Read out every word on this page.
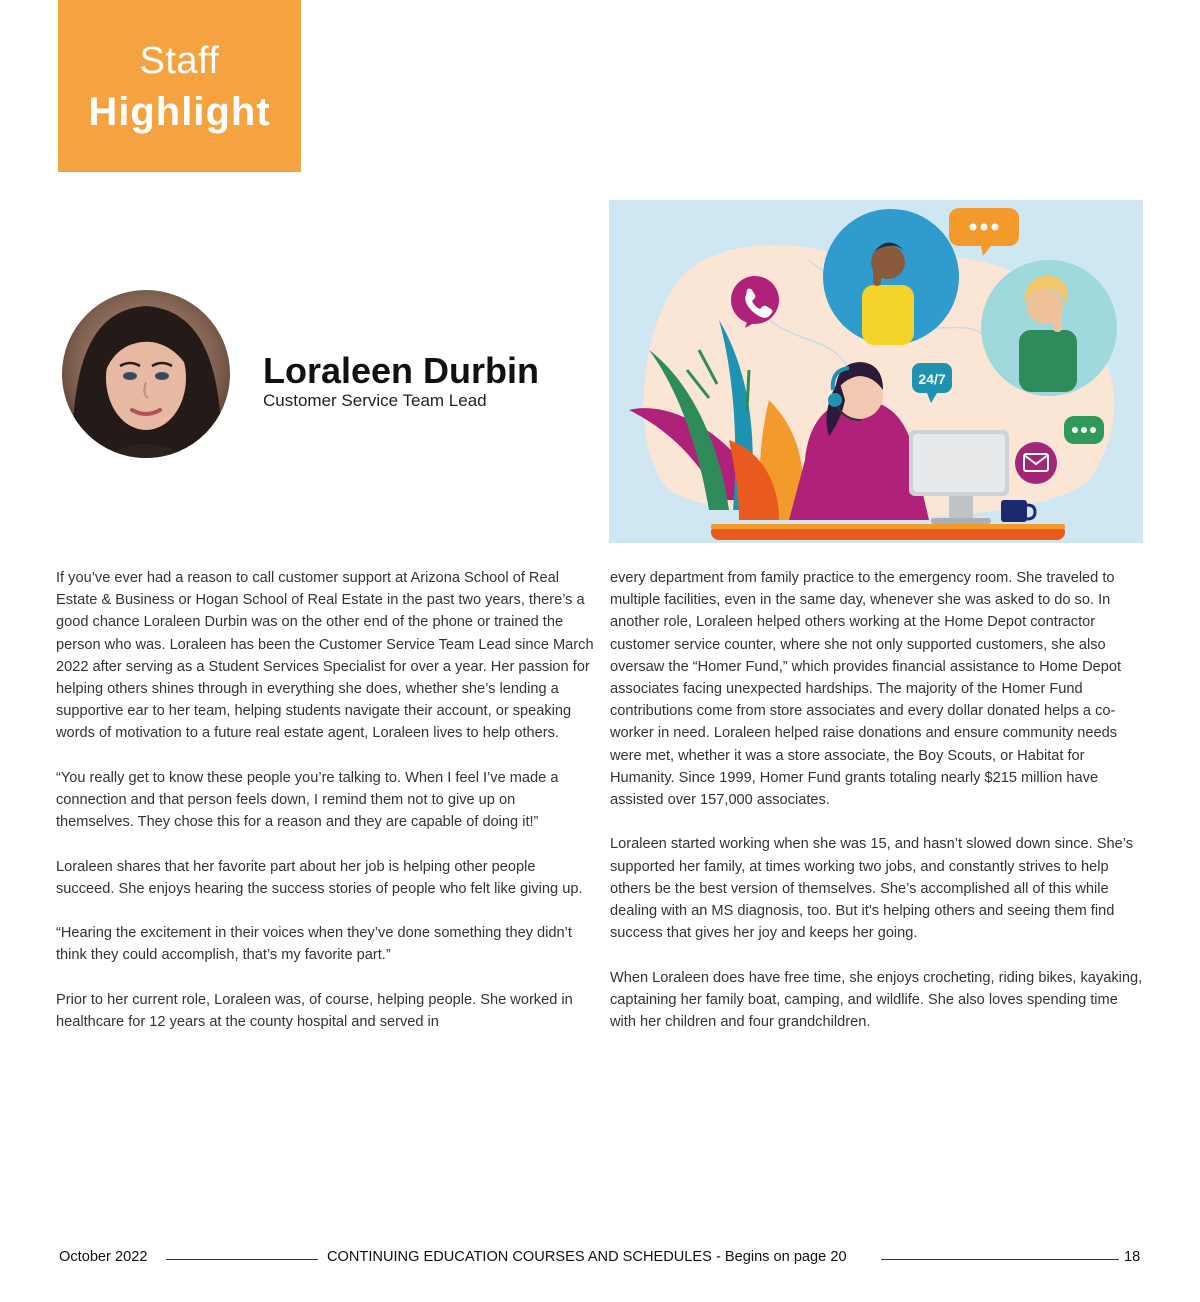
Staff
Highlight
Loraleen Durbin
Customer Service Team Lead
24/7

If you’ve ever had a reason to call customer support at Arizona School of Real Estate & Business or Hogan School of Real Estate in the past two years, there’s a good chance Loraleen Durbin was on the other end of the phone or trained the person who was. Loraleen has been the Customer Service Team Lead since March 2022 after serving as a Student Services Specialist for over a year. Her passion for helping others shines through in everything she does, whether she’s lending a supportive ear to her team, helping students navigate their account, or speaking words of motivation to a future real estate agent, Loraleen lives to help others.

“You really get to know these people you’re talking to. When I feel I’ve made a connection and that person feels down, I remind them not to give up on themselves. They chose this for a reason and they are capable of doing it!”

Loraleen shares that her favorite part about her job is helping other people succeed. She enjoys hearing the success stories of people who felt like giving up.

“Hearing the excitement in their voices when they’ve done something they didn’t think they could accomplish, that’s my favorite part.”

Prior to her current role, Loraleen was, of course, helping people. She worked in healthcare for 12 years at the county hospital and served in

every department from family practice to the emergency room. She traveled to multiple facilities, even in the same day, whenever she was asked to do so. In another role, Loraleen helped others working at the Home Depot contractor customer service counter, where she not only supported customers, she also oversaw the “Homer Fund,” which provides financial assistance to Home Depot associates facing unexpected hardships. The majority of the Homer Fund contributions come from store associates and every dollar donated helps a co-worker in need. Loraleen helped raise donations and ensure community needs were met, whether it was a store associate, the Boy Scouts, or Habitat for Humanity. Since 1999, Homer Fund grants totaling nearly $215 million have assisted over 157,000 associates.

Loraleen started working when she was 15, and hasn’t slowed down since. She’s supported her family, at times working two jobs, and constantly strives to help others be the best version of themselves. She’s accomplished all of this while dealing with an MS diagnosis, too. But it’s helping others and seeing them find success that gives her joy and keeps her going.

When Loraleen does have free time, she enjoys crocheting, riding bikes, kayaking, captaining her family boat, camping, and wildlife. She also loves spending time with her children and four grandchildren.

October 2022	CONTINUING EDUCATION COURSES AND SCHEDULES - Begins on page 20	18
